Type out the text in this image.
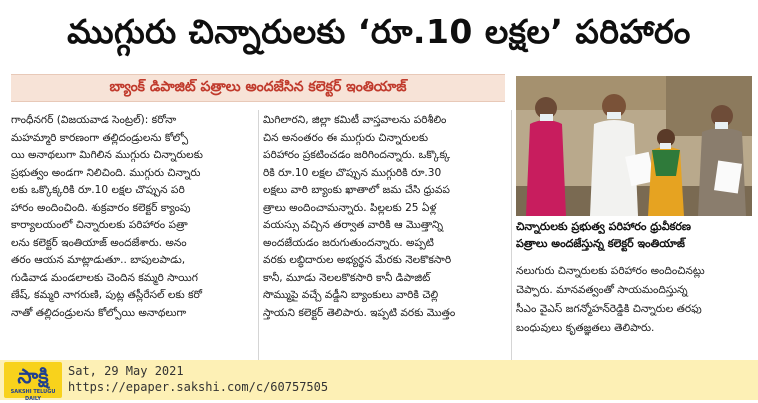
ముగ్గురు చిన్నారులకు ‘రూ.10 లక్షల’ పరిహారం
బ్యాంక్ డిపాజిట్ పత్రాలు అందజేసిన కలెక్టర్ ఇంతియాజ్

గాంధీనగర్ (విజయవాడ సెంట్రల్): కరోనా

మహమ్మారి కారణంగా తల్లిదండ్రులను కోల్పో

యి అనాథలుగా మిగిలిన ముగ్గురు చిన్నారులకు

ప్రభుత్వం అండగా నిలిచింది. ముగ్గురు చిన్నారు

లకు ఒక్కొక్కరికి రూ.10 లక్షల చొప్పున పరి

హారం అందించింది. శుక్రవారం కలెక్టర్ క్యాంపు

కార్యాలయంలో చిన్నారులకు పరిహారం పత్రా

లను కలెక్టర్ ఇంతియాజ్ అందజేశారు. అనం

తరం ఆయన మాట్లాడుతూ.. బాపులపాడు,

గుడివాడ మండలాలకు చెందిన కమ్మరి సాయిగ

ణేష్, కమ్మరి నాగరుణి, పుట్ల తస్లీరేసల్ లకు కరో

నాతో తల్లిదండ్రులను కోల్పోయి అనాథలుగా

మిగిలారని, జిల్లా కమిటీ వాస్తవాలను పరిశీలిం

చిన అనంతరం ఈ ముగ్గురు చిన్నారులకు

పరిహారం ప్రకటించడం జరిగిందన్నారు. ఒక్కొక్క

రికి రూ.10 లక్షల చొప్పున ముగ్గురికి రూ.30

లక్షలు వారి బ్యాంకు ఖాతాలో జమ చేసి ధ్రువప

త్రాలు అందించామన్నారు. పిల్లలకు 25 ఏళ్ల

వయస్సు వచ్చిన తర్వాత వారికి ఆ మొత్తాన్ని

అందజేయడం జరుగుతుందన్నారు. అప్పటి

వరకు లబ్ధిదారుల అభ్యర్థన మేరకు నెలకొకసారి

కానీ, మూడు నెలలకొకసారి కానీ డిపాజిట్

సొమ్ముపై వచ్చే వడ్డీని బ్యాంకులు వారికి చెల్లి

స్తాయని కలెక్టర్ తెలిపారు. ఇప్పటి వరకు మొత్తం

చిన్నారులకు ప్రభుత్వ పరిహారం ధ్రువీకరణ
పత్రాలు అందజేస్తున్న కలెక్టర్ ఇంతియాజ్

నలుగురు చిన్నారులకు పరిహారం అందించినట్లు

చెప్పారు. మానవత్వంతో సాయమందిస్తున్న

సీఎం వైఎస్ జగన్మోహన్‌రెడ్డికి చిన్నారుల తరఫు

బంధువులు కృతజ్ఞతలు తెలిపారు.

సాక్షి
SAKSHI TELUGU DAILY
Sat, 29 May 2021
https://epaper.sakshi.com/c/60757505
